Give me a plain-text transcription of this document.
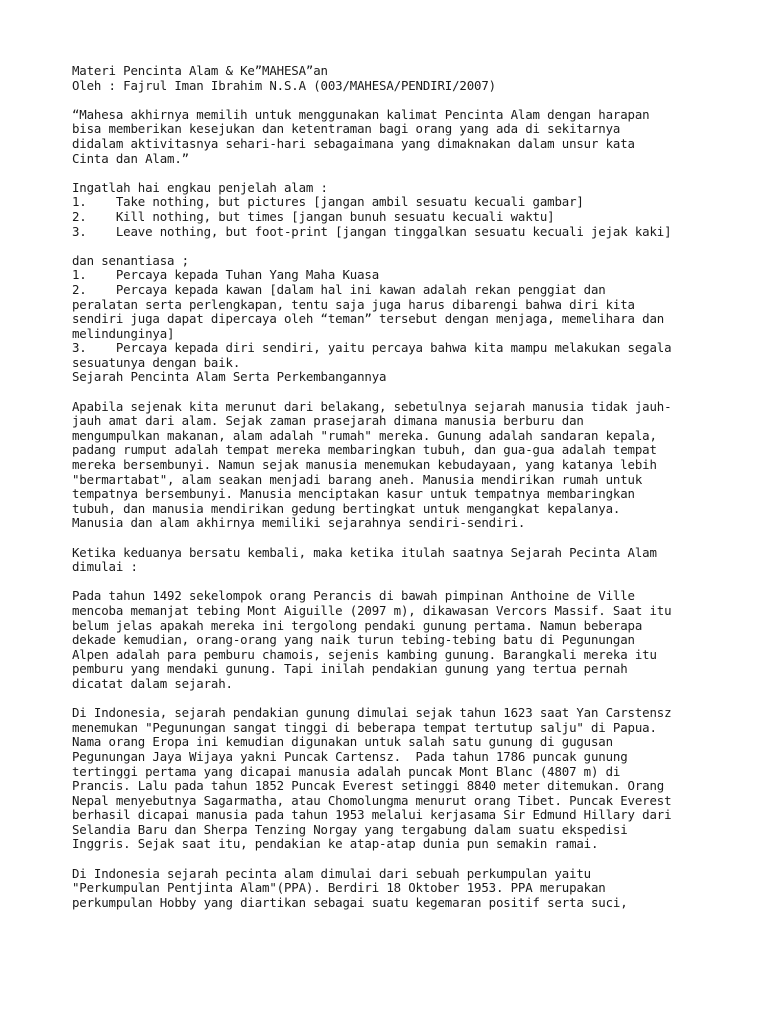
Materi Pencinta Alam & Ke”MAHESA”an
Oleh : Fajrul Iman Ibrahim N.S.A (003/MAHESA/PENDIRI/2007)
“Mahesa akhirnya memilih untuk menggunakan kalimat Pencinta Alam dengan harapan
bisa memberikan kesejukan dan ketentraman bagi orang yang ada di sekitarnya
didalam aktivitasnya sehari-hari sebagaimana yang dimaknakan dalam unsur kata
Cinta dan Alam.”
Ingatlah hai engkau penjelah alam :
1.    Take nothing, but pictures [jangan ambil sesuatu kecuali gambar]
2.    Kill nothing, but times [jangan bunuh sesuatu kecuali waktu]
3.    Leave nothing, but foot-print [jangan tinggalkan sesuatu kecuali jejak kaki]
dan senantiasa ;
1.    Percaya kepada Tuhan Yang Maha Kuasa
2.    Percaya kepada kawan [dalam hal ini kawan adalah rekan penggiat dan
peralatan serta perlengkapan, tentu saja juga harus dibarengi bahwa diri kita
sendiri juga dapat dipercaya oleh “teman” tersebut dengan menjaga, memelihara dan
melindunginya]
3.    Percaya kepada diri sendiri, yaitu percaya bahwa kita mampu melakukan segala
sesuatunya dengan baik.
Sejarah Pencinta Alam Serta Perkembangannya
Apabila sejenak kita merunut dari belakang, sebetulnya sejarah manusia tidak jauh-
jauh amat dari alam. Sejak zaman prasejarah dimana manusia berburu dan
mengumpulkan makanan, alam adalah "rumah" mereka. Gunung adalah sandaran kepala,
padang rumput adalah tempat mereka membaringkan tubuh, dan gua-gua adalah tempat
mereka bersembunyi. Namun sejak manusia menemukan kebudayaan, yang katanya lebih
"bermartabat", alam seakan menjadi barang aneh. Manusia mendirikan rumah untuk
tempatnya bersembunyi. Manusia menciptakan kasur untuk tempatnya membaringkan
tubuh, dan manusia mendirikan gedung bertingkat untuk mengangkat kepalanya.
Manusia dan alam akhirnya memiliki sejarahnya sendiri-sendiri.
Ketika keduanya bersatu kembali, maka ketika itulah saatnya Sejarah Pecinta Alam
dimulai :
Pada tahun 1492 sekelompok orang Perancis di bawah pimpinan Anthoine de Ville
mencoba memanjat tebing Mont Aiguille (2097 m), dikawasan Vercors Massif. Saat itu
belum jelas apakah mereka ini tergolong pendaki gunung pertama. Namun beberapa
dekade kemudian, orang-orang yang naik turun tebing-tebing batu di Pegunungan
Alpen adalah para pemburu chamois, sejenis kambing gunung. Barangkali mereka itu
pemburu yang mendaki gunung. Tapi inilah pendakian gunung yang tertua pernah
dicatat dalam sejarah.
Di Indonesia, sejarah pendakian gunung dimulai sejak tahun 1623 saat Yan Carstensz
menemukan "Pegunungan sangat tinggi di beberapa tempat tertutup salju" di Papua.
Nama orang Eropa ini kemudian digunakan untuk salah satu gunung di gugusan
Pegunungan Jaya Wijaya yakni Puncak Cartensz.  Pada tahun 1786 puncak gunung
tertinggi pertama yang dicapai manusia adalah puncak Mont Blanc (4807 m) di
Prancis. Lalu pada tahun 1852 Puncak Everest setinggi 8840 meter ditemukan. Orang
Nepal menyebutnya Sagarmatha, atau Chomolungma menurut orang Tibet. Puncak Everest
berhasil dicapai manusia pada tahun 1953 melalui kerjasama Sir Edmund Hillary dari
Selandia Baru dan Sherpa Tenzing Norgay yang tergabung dalam suatu ekspedisi
Inggris. Sejak saat itu, pendakian ke atap-atap dunia pun semakin ramai.
Di Indonesia sejarah pecinta alam dimulai dari sebuah perkumpulan yaitu
"Perkumpulan Pentjinta Alam"(PPA). Berdiri 18 Oktober 1953. PPA merupakan
perkumpulan Hobby yang diartikan sebagai suatu kegemaran positif serta suci,
